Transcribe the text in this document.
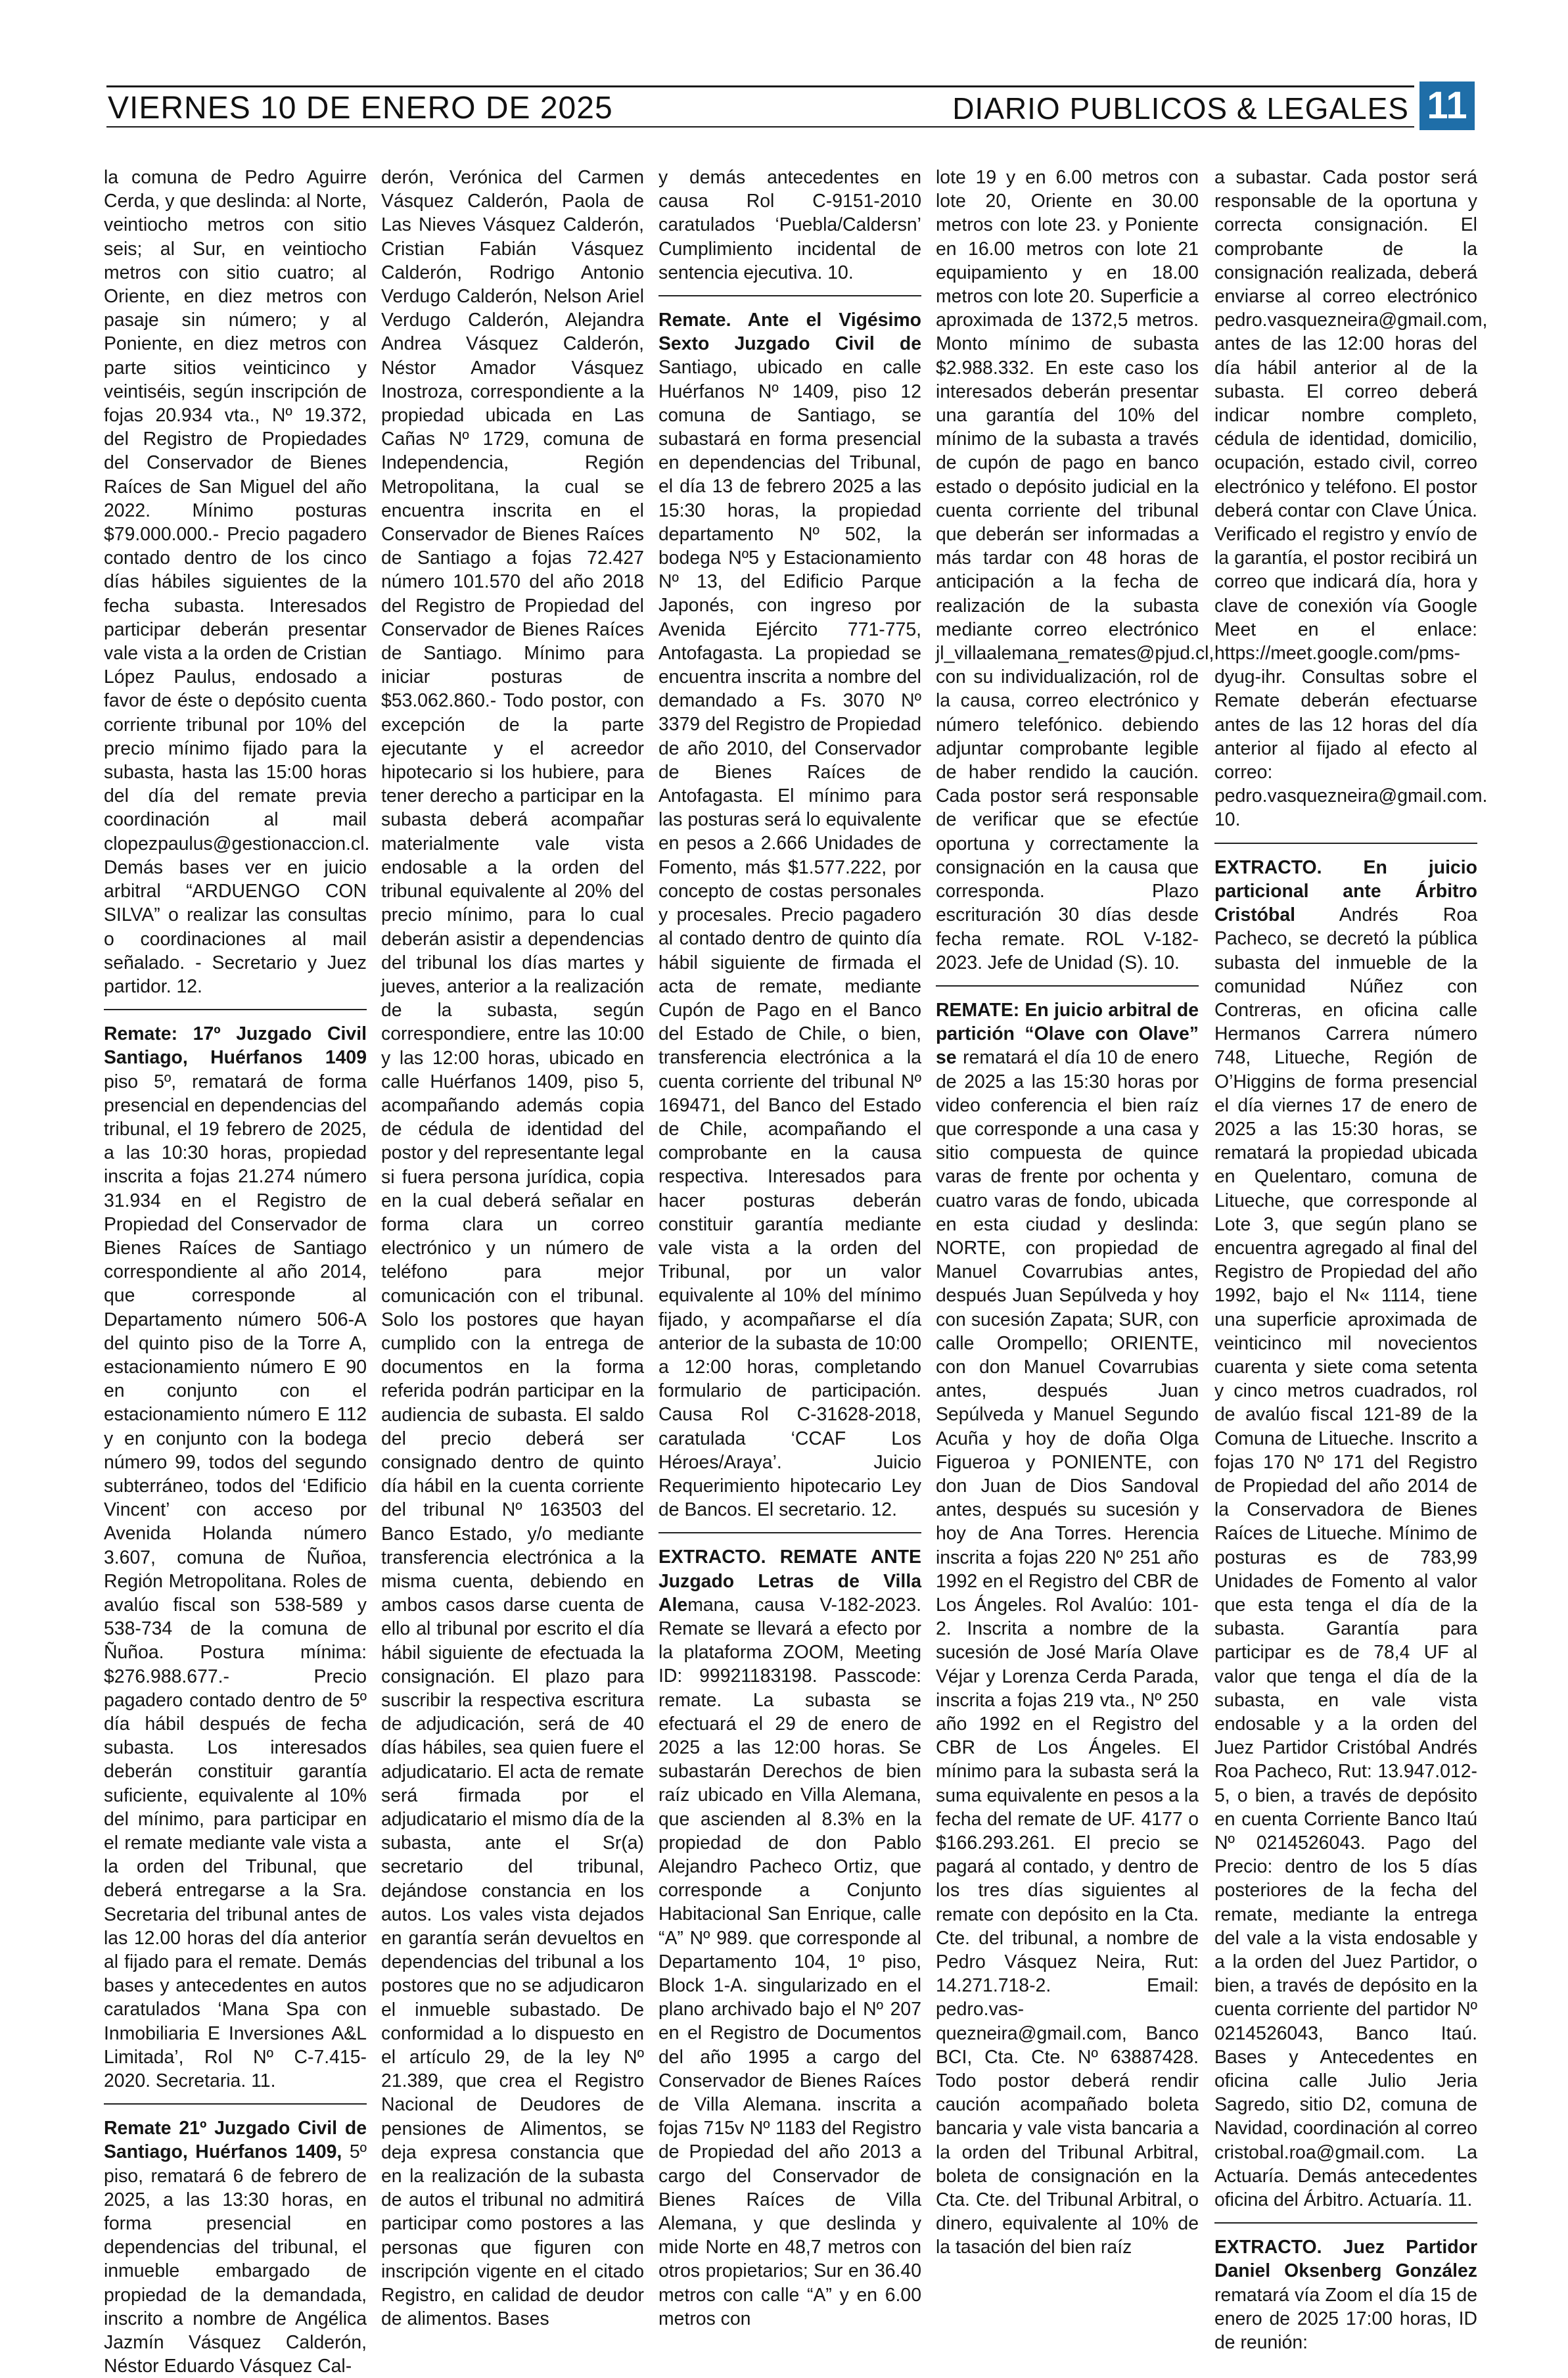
VIERNES 10 DE ENERO DE 2025	DIARIO PUBLICOS & LEGALES 11

la comuna de Pedro Aguirre Cerda, y que deslinda: al Norte, veintiocho metros con sitio seis; al Sur, en veintiocho metros con sitio cuatro; al Oriente, en diez metros con pasaje sin número; y al Poniente, en diez metros con parte sitios veinticinco y veintiséis, según inscripción de fojas 20.934 vta., Nº 19.372, del Registro de Propiedades del Conservador de Bienes Raíces de San Miguel del año 2022. Mínimo posturas $79.000.000.- Precio pagadero contado dentro de los cinco días hábiles siguientes de la fecha subasta. Interesados participar deberán presentar vale vista a la orden de Cristian López Paulus, endosado a favor de éste o depósito cuenta corriente tribunal por 10% del precio mínimo fijado para la subasta, hasta las 15:00 horas del día del remate previa coordinación al mail clopezpaulus@gestionaccion.cl. Demás bases ver en juicio arbitral “ARDUENGO CON SILVA” o realizar las consultas o coordinaciones al mail señalado. - Secretario y Juez partidor. 12.

Remate: 17º Juzgado Civil Santiago, Huérfanos 1409 piso 5º, rematará de forma presencial en dependencias del tribunal, el 19 febrero de 2025, a las 10:30 horas, propiedad inscrita a fojas 21.274 número 31.934 en el Registro de Propiedad del Conservador de Bienes Raíces de Santiago correspondiente al año 2014, que corresponde al Departamento número 506-A del quinto piso de la Torre A, estacionamiento número E 90 en conjunto con el estacionamiento número E 112 y en conjunto con la bodega número 99, todos del segundo subterráneo, todos del ‘Edificio Vincent’ con acceso por Avenida Holanda número 3.607, comuna de Ñuñoa, Región Metropolitana. Roles de avalúo fiscal son 538-589 y 538-734 de la comuna de Ñuñoa. Postura mínima: $276.988.677.- Precio pagadero contado dentro de 5º día hábil después de fecha subasta. Los interesados deberán constituir garantía suficiente, equivalente al 10% del mínimo, para participar en el remate mediante vale vista a la orden del Tribunal, que deberá entregarse a la Sra. Secretaria del tribunal antes de las 12.00 horas del día anterior al fijado para el remate. Demás bases y antecedentes en autos caratulados ‘Mana Spa con Inmobiliaria E Inversiones A&L Limitada’, Rol Nº C-7.415-2020. Secretaria. 11.

Remate 21º Juzgado Civil de Santiago, Huérfanos 1409, 5º piso, rematará 6 de febrero de 2025, a las 13:30 horas, en forma presencial en dependencias del tribunal, el inmueble embargado de propiedad de la demandada, inscrito a nombre de Angélica Jazmín Vásquez Calderón, Néstor Eduardo Vásquez Cal-

derón, Verónica del Carmen Vásquez Calderón, Paola de Las Nieves Vásquez Calderón, Cristian Fabián Vásquez Calderón, Rodrigo Antonio Verdugo Calderón, Nelson Ariel Verdugo Calderón, Alejandra Andrea Vásquez Calderón, Néstor Amador Vásquez Inostroza, correspondiente a la propiedad ubicada en Las Cañas Nº 1729, comuna de Independencia, Región Metropolitana, la cual se encuentra inscrita en el Conservador de Bienes Raíces de Santiago a fojas 72.427 número 101.570 del año 2018 del Registro de Propiedad del Conservador de Bienes Raíces de Santiago. Mínimo para iniciar posturas de $53.062.860.- Todo postor, con excepción de la parte ejecutante y el acreedor hipotecario si los hubiere, para tener derecho a participar en la subasta deberá acompañar materialmente vale vista endosable a la orden del tribunal equivalente al 20% del precio mínimo, para lo cual deberán asistir a dependencias del tribunal los días martes y jueves, anterior a la realización de la subasta, según correspondiere, entre las 10:00 y las 12:00 horas, ubicado en calle Huérfanos 1409, piso 5, acompañando además copia de cédula de identidad del postor y del representante legal si fuera persona jurídica, copia en la cual deberá señalar en forma clara un correo electrónico y un número de teléfono para mejor comunicación con el tribunal. Solo los postores que hayan cumplido con la entrega de documentos en la forma referida podrán participar en la audiencia de subasta. El saldo del precio deberá ser consignado dentro de quinto día hábil en la cuenta corriente del tribunal Nº 163503 del Banco Estado, y/o mediante transferencia electrónica a la misma cuenta, debiendo en ambos casos darse cuenta de ello al tribunal por escrito el día hábil siguiente de efectuada la consignación. El plazo para suscribir la respectiva escritura de adjudicación, será de 40 días hábiles, sea quien fuere el adjudicatario. El acta de remate será firmada por el adjudicatario el mismo día de la subasta, ante el Sr(a) secretario del tribunal, dejándose constancia en los autos. Los vales vista dejados en garantía serán devueltos en dependencias del tribunal a los postores que no se adjudicaron el inmueble subastado. De conformidad a lo dispuesto en el artículo 29, de la ley Nº 21.389, que crea el Registro Nacional de Deudores de pensiones de Alimentos, se deja expresa constancia que en la realización de la subasta de autos el tribunal no admitirá participar como postores a las personas que figuren con inscripción vigente en el citado Registro, en calidad de deudor de alimentos. Bases

y demás antecedentes en causa Rol C-9151-2010 caratulados ‘Puebla/Caldersn’ Cumplimiento incidental de sentencia ejecutiva. 10.

Remate. Ante el Vigésimo Sexto Juzgado Civil de Santiago, ubicado en calle Huérfanos Nº 1409, piso 12 comuna de Santiago, se subastará en forma presencial en dependencias del Tribunal, el día 13 de febrero 2025 a las 15:30 horas, la propiedad departamento Nº 502, la bodega Nº5 y Estacionamiento Nº 13, del Edificio Parque Japonés, con ingreso por Avenida Ejército 771-775, Antofagasta. La propiedad se encuentra inscrita a nombre del demandado a Fs. 3070 Nº 3379 del Registro de Propiedad de año 2010, del Conservador de Bienes Raíces de Antofagasta. El mínimo para las posturas será lo equivalente en pesos a 2.666 Unidades de Fomento, más $1.577.222, por concepto de costas personales y procesales. Precio pagadero al contado dentro de quinto día hábil siguiente de firmada el acta de remate, mediante Cupón de Pago en el Banco del Estado de Chile, o bien, transferencia electrónica a la cuenta corriente del tribunal Nº 169471, del Banco del Estado de Chile, acompañando el comprobante en la causa respectiva. Interesados para hacer posturas deberán constituir garantía mediante vale vista a la orden del Tribunal, por un valor equivalente al 10% del mínimo fijado, y acompañarse el día anterior de la subasta de 10:00 a 12:00 horas, completando formulario de participación. Causa Rol C-31628-2018, caratulada ‘CCAF Los Héroes/Araya’. Juicio Requerimiento hipotecario Ley de Bancos. El secretario. 12.

EXTRACTO. REMATE ANTE Juzgado Letras de Villa Alemana, causa V-182-2023. Remate se llevará a efecto por la plataforma ZOOM, Meeting ID: 99921183198. Passcode: remate. La subasta se efectuará el 29 de enero de 2025 a las 12:00 horas. Se subastarán Derechos de bien raíz ubicado en Villa Alemana, que ascienden al 8.3% en la propiedad de don Pablo Alejandro Pacheco Ortiz, que corresponde a Conjunto Habitacional San Enrique, calle “A” Nº 989. que corresponde al Departamento 104, 1º piso, Block 1-A. singularizado en el plano archivado bajo el Nº 207 en el Registro de Documentos del año 1995 a cargo del Conservador de Bienes Raíces de Villa Alemana. inscrita a fojas 715v Nº 1183 del Registro de Propiedad del año 2013 a cargo del Conservador de Bienes Raíces de Villa Alemana, y que deslinda y mide Norte en 48,7 metros con otros propietarios; Sur en 36.40 metros con calle “A” y en 6.00 metros con

lote 19 y en 6.00 metros con lote 20, Oriente en 30.00 metros con lote 23. y Poniente en 16.00 metros con lote 21 equipamiento y en 18.00 metros con lote 20. Superficie a aproximada de 1372,5 metros. Monto mínimo de subasta $2.988.332. En este caso los interesados deberán presentar una garantía del 10% del mínimo de la subasta a través de cupón de pago en banco estado o depósito judicial en la cuenta corriente del tribunal que deberán ser informadas a más tardar con 48 horas de anticipación a la fecha de realización de la subasta mediante correo electrónico jl_villaalemana_remates@pjud.cl, con su individualización, rol de la causa, correo electrónico y número telefónico. debiendo adjuntar comprobante legible de haber rendido la caución. Cada postor será responsable de verificar que se efectúe oportuna y correctamente la consignación en la causa que corresponda. Plazo escrituración 30 días desde fecha remate. ROL V-182-2023. Jefe de Unidad (S). 10.

REMATE: En juicio arbitral de partición “Olave con Olave” se rematará el día 10 de enero de 2025 a las 15:30 horas por video conferencia el bien raíz que corresponde a una casa y sitio compuesta de quince varas de frente por ochenta y cuatro varas de fondo, ubicada en esta ciudad y deslinda: NORTE, con propiedad de Manuel Covarrubias antes, después Juan Sepúlveda y hoy con sucesión Zapata; SUR, con calle Orompello; ORIENTE, con don Manuel Covarrubias antes, después Juan Sepúlveda y Manuel Segundo Acuña y hoy de doña Olga Figueroa y PONIENTE, con don Juan de Dios Sandoval antes, después su sucesión y hoy de Ana Torres. Herencia inscrita a fojas 220 Nº 251 año 1992 en el Registro del CBR de Los Ángeles. Rol Avalúo: 101-2. Inscrita a nombre de la sucesión de José María Olave Véjar y Lorenza Cerda Parada, inscrita a fojas 219 vta., Nº 250 año 1992 en el Registro del CBR de Los Ángeles. El mínimo para la subasta será la suma equivalente en pesos a la fecha del remate de UF. 4177 o $166.293.261. El precio se pagará al contado, y dentro de los tres días siguientes al remate con depósito en la Cta. Cte. del tribunal, a nombre de Pedro Vásquez Neira, Rut: 14.271.718-2. Email: pedro.vas-quezneira@gmail.com, Banco BCI, Cta. Cte. Nº 63887428. Todo postor deberá rendir caución acompañado boleta bancaria y vale vista bancaria a la orden del Tribunal Arbitral, boleta de consignación en la Cta. Cte. del Tribunal Arbitral, o dinero, equivalente al 10% de la tasación del bien raíz

a subastar. Cada postor será responsable de la oportuna y correcta consignación. El comprobante de la consignación realizada, deberá enviarse al correo electrónico pedro.vasquezneira@gmail.com, antes de las 12:00 horas del día hábil anterior al de la subasta. El correo deberá indicar nombre completo, cédula de identidad, domicilio, ocupación, estado civil, correo electrónico y teléfono. El postor deberá contar con Clave Única. Verificado el registro y envío de la garantía, el postor recibirá un correo que indicará día, hora y clave de conexión vía Google Meet en el enlace: https://meet.google.com/pms-dyug-ihr. Consultas sobre el Remate deberán efectuarse antes de las 12 horas del día anterior al fijado al efecto al correo: pedro.vasquezneira@gmail.com. 10.

EXTRACTO. En juicio particional ante Árbitro Cristóbal Andrés Roa Pacheco, se decretó la pública subasta del inmueble de la comunidad Núñez con Contreras, en oficina calle Hermanos Carrera número 748, Litueche, Región de O’Higgins de forma presencial el día viernes 17 de enero de 2025 a las 15:30 horas, se rematará la propiedad ubicada en Quelentaro, comuna de Litueche, que corresponde al Lote 3, que según plano se encuentra agregado al final del Registro de Propiedad del año 1992, bajo el N« 1114, tiene una superficie aproximada de veinticinco mil novecientos cuarenta y siete coma setenta y cinco metros cuadrados, rol de avalúo fiscal 121-89 de la Comuna de Litueche. Inscrito a fojas 170 Nº 171 del Registro de Propiedad del año 2014 de la Conservadora de Bienes Raíces de Litueche. Mínimo de posturas es de 783,99 Unidades de Fomento al valor que esta tenga el día de la subasta. Garantía para participar es de 78,4 UF al valor que tenga el día de la subasta, en vale vista endosable y a la orden del Juez Partidor Cristóbal Andrés Roa Pacheco, Rut: 13.947.012-5, o bien, a través de depósito en cuenta Corriente Banco Itaú Nº 0214526043. Pago del Precio: dentro de los 5 días posteriores de la fecha del remate, mediante la entrega del vale a la vista endosable y a la orden del Juez Partidor, o bien, a través de depósito en la cuenta corriente del partidor Nº 0214526043, Banco Itaú. Bases y Antecedentes en oficina calle Julio Jeria Sagredo, sitio D2, comuna de Navidad, coordinación al correo cristobal.roa@gmail.com. La Actuaría. Demás antecedentes oficina del Árbitro. Actuaría. 11.

EXTRACTO. Juez Partidor Daniel Oksenberg González rematará vía Zoom el día 15 de enero de 2025 17:00 horas, ID de reunión:
